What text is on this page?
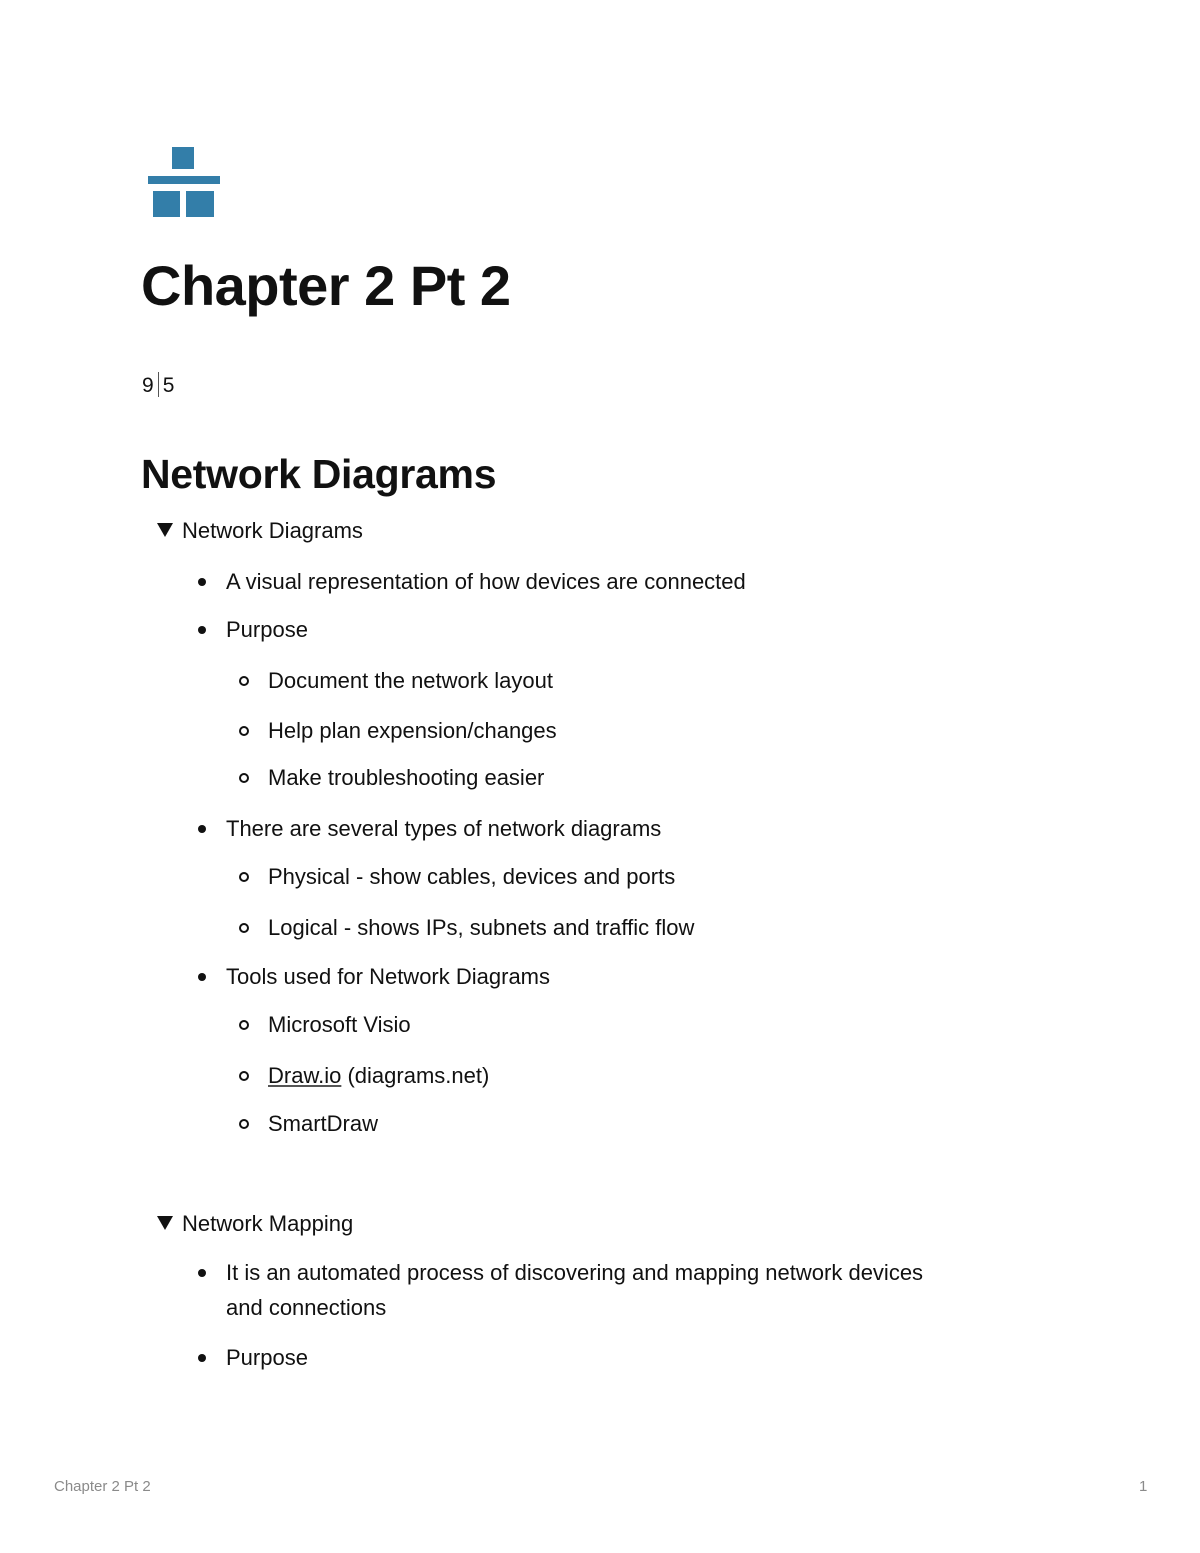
Chapter 2 Pt 2
9 5
Network Diagrams
Network Diagrams
A visual representation of how devices are connected
Purpose
Document the network layout
Help plan expension/changes
Make troubleshooting easier
There are several types of network diagrams
Physical - show cables, devices and ports
Logical - shows IPs, subnets and traffic flow
Tools used for Network Diagrams
Microsoft Visio
Draw.io (diagrams.net)
SmartDraw
Network Mapping
It is an automated process of discovering and mapping network devices
and connections
Purpose
Chapter 2 Pt 2	1
